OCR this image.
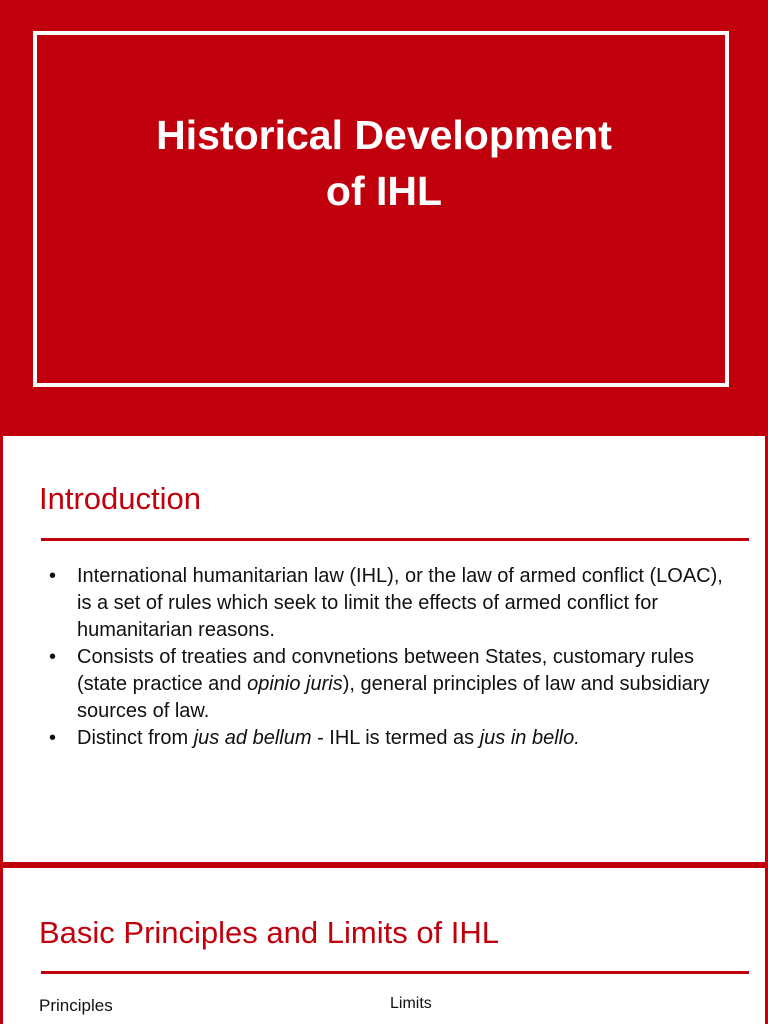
Historical Development
of IHL
Introduction
• International humanitarian law (IHL), or the law of armed conflict (LOAC), is a set of rules which seek to limit the effects of armed conflict for humanitarian reasons.
• Consists of treaties and convnetions between States, customary rules (state practice and opinio juris), general principles of law and subsidiary sources of law.
• Distinct from jus ad bellum - IHL is termed as jus in bello.
Basic Principles and Limits of IHL
Principles	Limits
